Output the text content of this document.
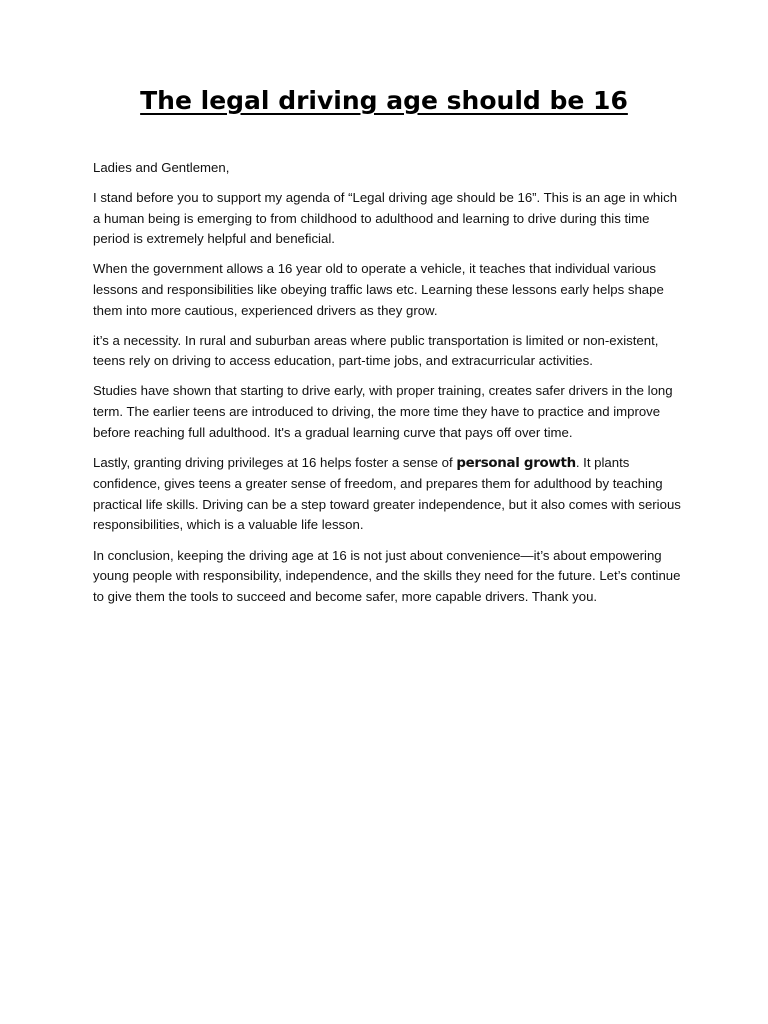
The legal driving age should be 16

Ladies and Gentlemen,

I stand before you to support my agenda of “Legal driving age should be 16”. This is an age in which a human being is emerging to from childhood to adulthood and learning to drive during this time period is extremely helpful and beneficial.

When the government allows a 16 year old to operate a vehicle, it teaches that individual various lessons and responsibilities like obeying traffic laws etc. Learning these lessons early helps shape them into more cautious, experienced drivers as they grow.

it’s a necessity. In rural and suburban areas where public transportation is limited or non-existent, teens rely on driving to access education, part-time jobs, and extracurricular activities.

Studies have shown that starting to drive early, with proper training, creates safer drivers in the long term. The earlier teens are introduced to driving, the more time they have to practice and improve before reaching full adulthood. It's a gradual learning curve that pays off over time.

Lastly, granting driving privileges at 16 helps foster a sense of personal growth. It plants confidence, gives teens a greater sense of freedom, and prepares them for adulthood by teaching practical life skills. Driving can be a step toward greater independence, but it also comes with serious responsibilities, which is a valuable life lesson.

In conclusion, keeping the driving age at 16 is not just about convenience—it’s about empowering young people with responsibility, independence, and the skills they need for the future. Let’s continue to give them the tools to succeed and become safer, more capable drivers. Thank you.
